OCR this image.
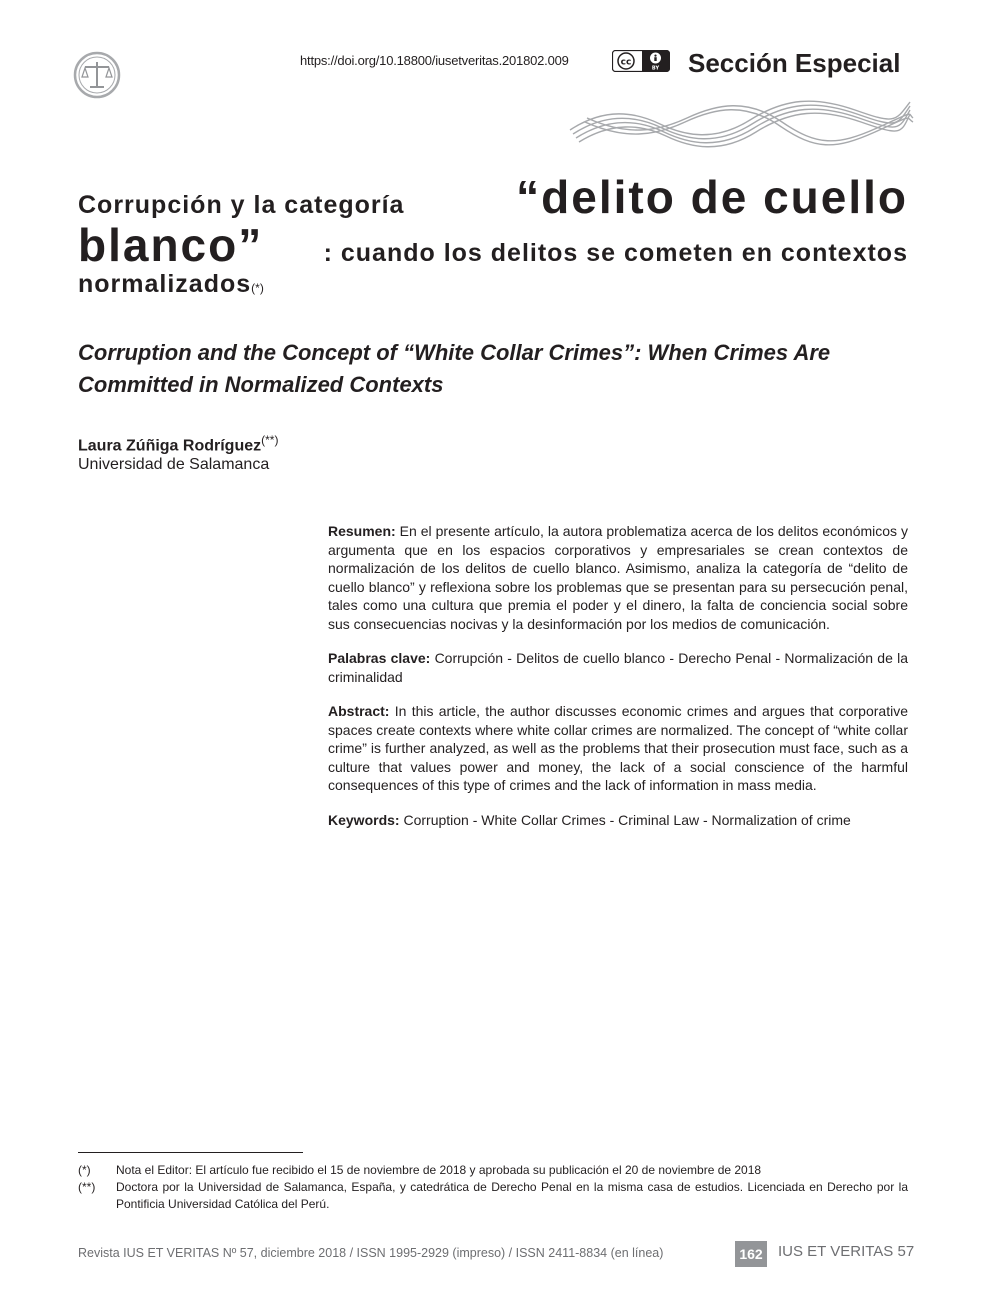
https://doi.org/10.18800/iusetveritas.201802.009	cc
BY Sección Especial
Corrupción y la categoría “delito de cuello
blanco” : cuando los delitos se cometen en contextos
normalizados$_{(*)}$
Corruption and the Concept of “White Collar Crimes”: When Crimes Are Committed in Normalized Contexts
Laura Zúñiga Rodríguez(**)
Universidad de Salamanca

Resumen: En el presente artículo, la autora problematiza acerca de los delitos económicos y argumenta que en los espacios corporativos y empresariales se crean contextos de normalización de los delitos de cuello blanco. Asimismo, analiza la categoría de “delito de cuello blanco” y reflexiona sobre los problemas que se presentan para su persecución penal, tales como una cultura que premia el poder y el dinero, la falta de conciencia social sobre sus consecuencias nocivas y la desinformación por los medios de comunicación.

Palabras clave: Corrupción - Delitos de cuello blanco - Derecho Penal - Normalización de la criminalidad

Abstract: In this article, the author discusses economic crimes and argues that corporative spaces create contexts where white collar crimes are normalized. The concept of “white collar crime” is further analyzed, as well as the problems that their prosecution must face, such as a culture that values power and money, the lack of a social conscience of the harmful consequences of this type of crimes and the lack of information in mass media.

Keywords: Corruption - White Collar Crimes - Criminal Law - Normalization of crime

(*)	Nota el Editor: El artículo fue recibido el 15 de noviembre de 2018 y aprobada su publicación el 20 de noviembre de 2018
(**)	Doctora por la Universidad de Salamanca, España, y catedrática de Derecho Penal en la misma casa de estudios. Licenciada en Derecho por la Pontificia Universidad Católica del Perú.
Revista IUS ET VERITAS Nº 57, diciembre 2018 / ISSN 1995-2929 (impreso) / ISSN 2411-8834 (en línea)	162 IUS ET VERITAS 57
